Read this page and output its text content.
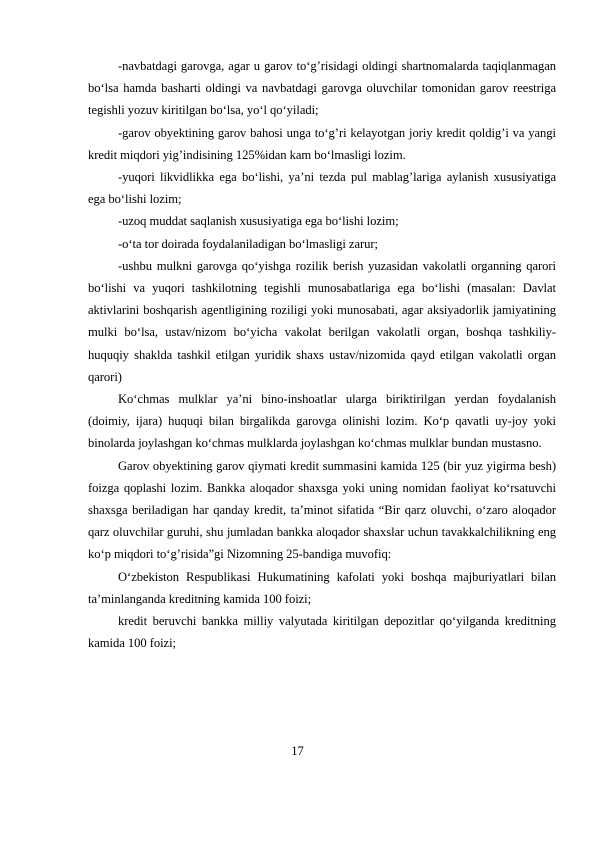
-navbatdagi garovga, agar u garov to‘g’risidagi oldingi shartnomalarda taqiqlanmagan bo‘lsa hamda basharti oldingi va navbatdagi garovga oluvchilar tomonidan garov reestriga tegishli yozuv kiritilgan bo‘lsa, yo‘l qo‘yiladi;

-garov obyektining garov bahosi unga to‘g’ri kelayotgan joriy kredit qoldig’i va yangi kredit miqdori yig’indisining 125%idan kam bo‘lmasligi lozim.

-yuqori likvidlikka ega bo‘lishi, ya’ni tezda pul mablag’lariga aylanish xususiyatiga ega bo‘lishi lozim;

-uzoq muddat saqlanish xususiyatiga ega bo‘lishi lozim;

-o‘ta tor doirada foydalaniladigan bo‘lmasligi zarur;

-ushbu mulkni garovga qo‘yishga rozilik berish yuzasidan vakolatli organning qarori bo‘lishi va yuqori tashkilotning tegishli munosabatlariga ega bo‘lishi (masalan: Davlat aktivlarini boshqarish agentligining roziligi yoki munosabati, agar aksiyadorlik jamiyatining mulki bo‘lsa, ustav/nizom bo‘yicha vakolat berilgan vakolatli organ, boshqa tashkiliy-huquqiy shaklda tashkil etilgan yuridik shaxs ustav/nizomida qayd etilgan vakolatli organ qarori)

Ko‘chmas mulklar ya’ni bino-inshoatlar ularga biriktirilgan yerdan foydalanish (doimiy, ijara) huquqi bilan birgalikda garovga olinishi lozim. Ko‘p qavatli uy-joy yoki binolarda joylashgan ko‘chmas mulklarda joylashgan ko‘chmas mulklar bundan mustasno.

Garov obyektining garov qiymati kredit summasini kamida 125 (bir yuz yigirma besh) foizga qoplashi lozim. Bankka aloqador shaxsga yoki uning nomidan faoliyat ko‘rsatuvchi shaxsga beriladigan har qanday kredit, ta’minot sifatida “Bir qarz oluvchi, o‘zaro aloqador qarz oluvchilar guruhi, shu jumladan bankka aloqador shaxslar uchun tavakkalchilikning eng ko‘p miqdori to‘g’risida”gi Nizomning 25-bandiga muvofiq:

O‘zbekiston Respublikasi Hukumatining kafolati yoki boshqa majburiyatlari bilan ta’minlanganda kreditning kamida 100 foizi;

kredit beruvchi bankka milliy valyutada kiritilgan depozitlar qo‘yilganda kreditning kamida 100 foizi;

17
